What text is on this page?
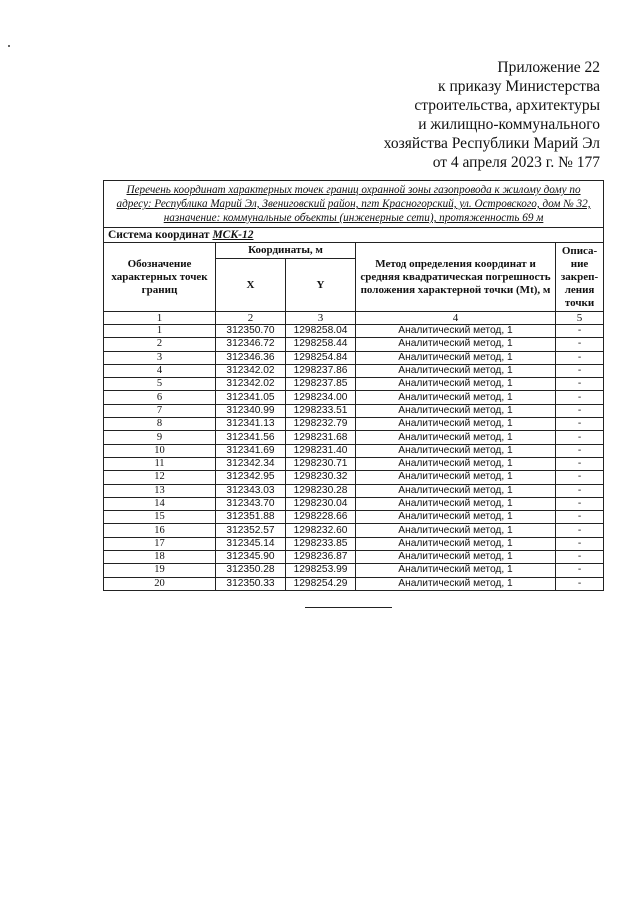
Приложение 22
к приказу Министерства
строительства, архитектуры
и жилищно-коммунального
хозяйства Республики Марий Эл
от 4 апреля 2023 г. № 177
Перечень координат характерных точек границ охранной зоны газопровода к жилому дому по адресу: Республика Марий Эл, Звениговский район, пгт Красногорский, ул. Островского, дом № 32, назначение: коммунальные объекты (инженерные сети), протяженность 69 м				
Система координат МСК-12				
Обозначение характерных точек границ	Координаты, м		Метод определения координат и средняя квадратическая погрешность положения характерной точки (Mt), м	Описа-ние закреп-ления точки
	X	Y		
1	2	3	4	5
1	312350.70	1298258.04	Аналитический метод, 1	-
2	312346.72	1298258.44	Аналитический метод, 1	-
3	312346.36	1298254.84	Аналитический метод, 1	-
4	312342.02	1298237.86	Аналитический метод, 1	-
5	312342.02	1298237.85	Аналитический метод, 1	-
6	312341.05	1298234.00	Аналитический метод, 1	-
7	312340.99	1298233.51	Аналитический метод, 1	-
8	312341.13	1298232.79	Аналитический метод, 1	-
9	312341.56	1298231.68	Аналитический метод, 1	-
10	312341.69	1298231.40	Аналитический метод, 1	-
11	312342.34	1298230.71	Аналитический метод, 1	-
12	312342.95	1298230.32	Аналитический метод, 1	-
13	312343.03	1298230.28	Аналитический метод, 1	-
14	312343.70	1298230.04	Аналитический метод, 1	-
15	312351.88	1298228.66	Аналитический метод, 1	-
16	312352.57	1298232.60	Аналитический метод, 1	-
17	312345.14	1298233.85	Аналитический метод, 1	-
18	312345.90	1298236.87	Аналитический метод, 1	-
19	312350.28	1298253.99	Аналитический метод, 1	-
20	312350.33	1298254.29	Аналитический метод, 1	-
